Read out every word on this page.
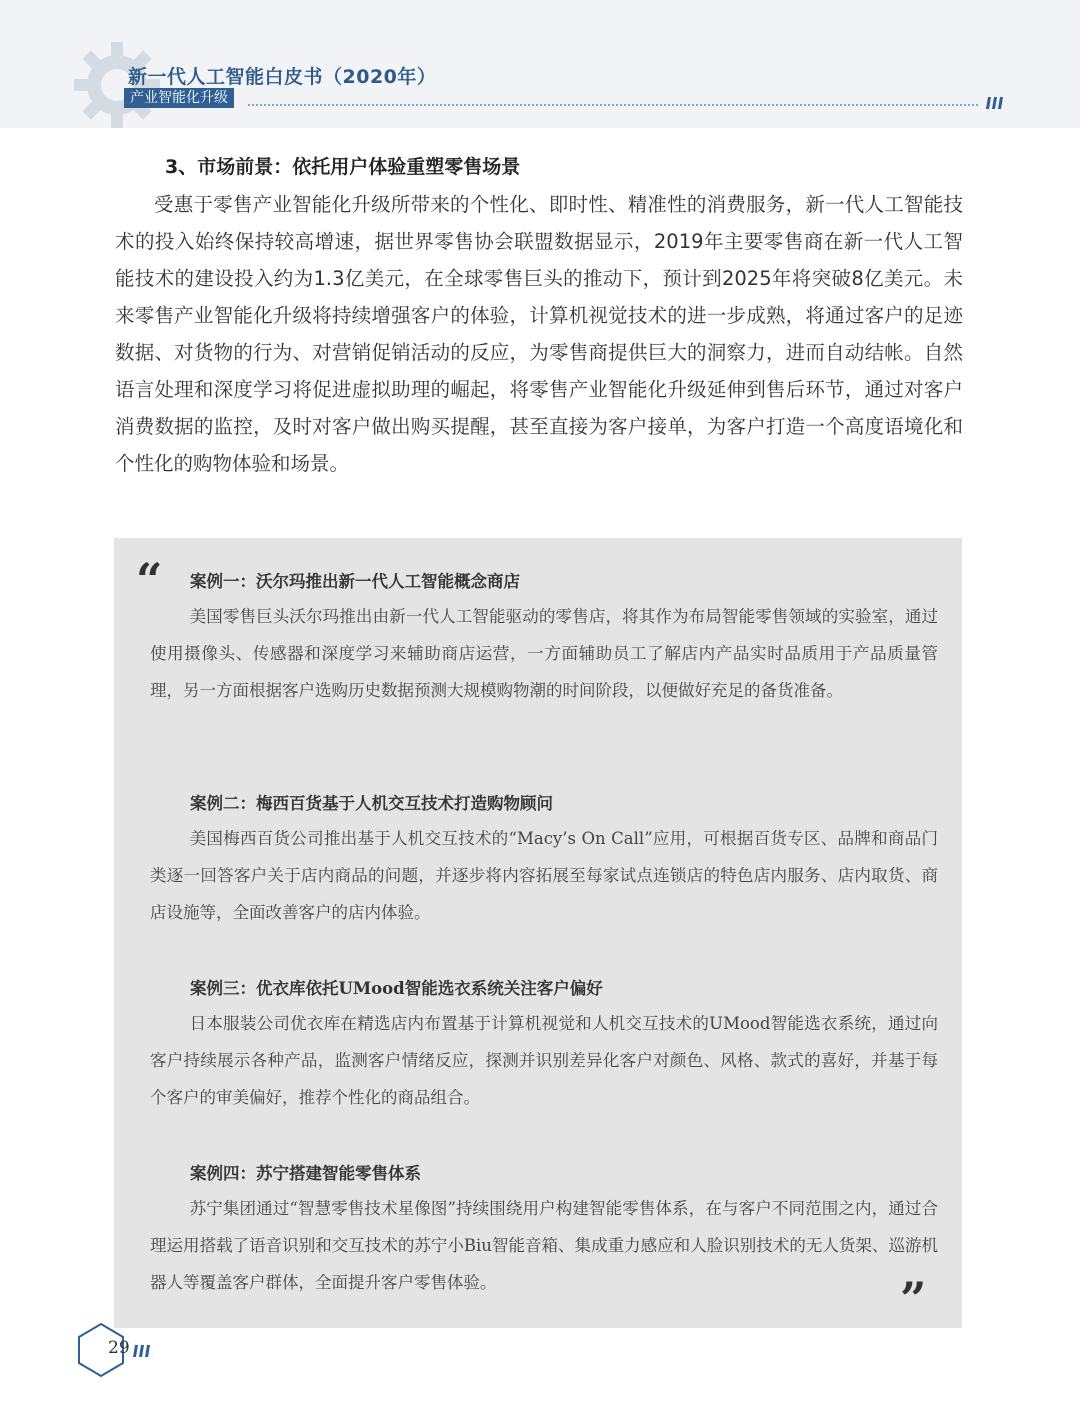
新一代人工智能白皮书（2020年）
产业智能化升级
3、市场前景：依托用户体验重塑零售场景

受惠于零售产业智能化升级所带来的个性化、即时性、精准性的消费服务，新一代人工智能技术的投入始终保持较高增速，据世界零售协会联盟数据显示，2019年主要零售商在新一代人工智能技术的建设投入约为1.3亿美元，在全球零售巨头的推动下，预计到2025年将突破8亿美元。未来零售产业智能化升级将持续增强客户的体验，计算机视觉技术的进一步成熟，将通过客户的足迹数据、对货物的行为、对营销促销活动的反应，为零售商提供巨大的洞察力，进而自动结帐。自然语言处理和深度学习将促进虚拟助理的崛起，将零售产业智能化升级延伸到售后环节，通过对客户消费数据的监控，及时对客户做出购买提醒，甚至直接为客户接单，为客户打造一个高度语境化和个性化的购物体验和场景。

“ 案例一：沃尔玛推出新一代人工智能概念商店

美国零售巨头沃尔玛推出由新一代人工智能驱动的零售店，将其作为布局智能零售领域的实验室，通过使用摄像头、传感器和深度学习来辅助商店运营，一方面辅助员工了解店内产品实时品质用于产品质量管理，另一方面根据客户选购历史数据预测大规模购物潮的时间阶段，以便做好充足的备货准备。

案例二：梅西百货基于人机交互技术打造购物顾问

美国梅西百货公司推出基于人机交互技术的“Macy’s On Call”应用，可根据百货专区、品牌和商品门类逐一回答客户关于店内商品的问题，并逐步将内容拓展至每家试点连锁店的特色店内服务、店内取货、商店设施等，全面改善客户的店内体验。

案例三：优衣库依托UMood智能选衣系统关注客户偏好

日本服装公司优衣库在精选店内布置基于计算机视觉和人机交互技术的UMood智能选衣系统，通过向客户持续展示各种产品，监测客户情绪反应，探测并识别差异化客户对颜色、风格、款式的喜好，并基于每个客户的审美偏好，推荐个性化的商品组合。

案例四：苏宁搭建智能零售体系

苏宁集团通过“智慧零售技术星像图”持续围绕用户构建智能零售体系，在与客户不同范围之内，通过合理运用搭载了语音识别和交互技术的苏宁小Biu智能音箱、集成重力感应和人脸识别技术的无人货架、巡游机器人等覆盖客户群体，全面提升客户零售体验。	”
29
